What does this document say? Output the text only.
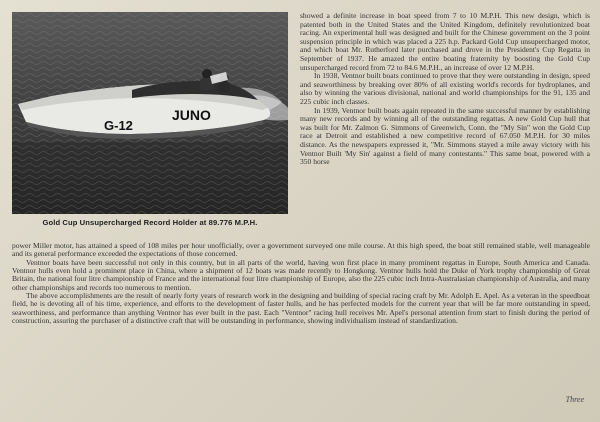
G-12
JUNO
Gold Cup Unsupercharged Record Holder at 89.776 M.P.H.

showed a definite increase in boat speed from 7 to 10 M.P.H. This new design, which is patented both in the United States and the United Kingdom, definitely revolutionized boat racing. An experimental hull was designed and built for the Chinese government on the 3 point suspension principle in which was placed a 225 h.p. Packard Gold Cup unsupercharged motor, and which boat Mr. Rutherford later purchased and drove in the President's Cup Regatta in September of 1937. He amazed the entire boating fraternity by boosting the Gold Cup unsupercharged record from 72 to 84.6 M.P.H., an increase of over 12 M.P.H.

In 1938, Ventnor built boats continued to prove that they were outstanding in design, speed and seaworthiness by breaking over 80% of all existing world's records for hydroplanes, and also by winning the various divisional, national and world championships for the 91, 135 and 225 cubic inch classes.

In 1939, Ventnor built boats again repeated in the same successful manner by establishing many new records and by winning all of the outstanding regattas. A new Gold Cup hull that was built for Mr. Zalmon G. Simmons of Greenwich, Conn. the "My Sin" won the Gold Cup race at Detroit and established a new competitive record of 67.050 M.P.H. for 30 miles distance. As the newspapers expressed it, "Mr. Simmons stayed a mile away victory with his Ventnor Built 'My Sin' against a field of many contestants." This same boat, powered with a 350 horse

power Miller motor, has attained a speed of 108 miles per hour unofficially, over a government surveyed one mile course. At this high speed, the boat still remained stable, well manageable and its general performance exceeded the expectations of those concerned.

Ventnor boats have been successful not only in this country, but in all parts of the world, having won first place in many prominent regattas in Europe, South America and Canada. Ventnor hulls even hold a prominent place in China, where a shipment of 12 boats was made recently to Hongkong. Ventnor hulls hold the Duke of York trophy championship of Great Britain, the national four litre championship of France and the international four litre championship of Europe, also the 225 cubic inch Intra-Australasian championship of Australia, and many other championships and records too numerous to mention.

The above accomplishments are the result of nearly forty years of research work in the designing and building of special racing craft by Mr. Adolph E. Apel. As a veteran in the speedboat field, he is devoting all of his time, experience, and efforts to the development of faster hulls, and he has perfected models for the current year that will be far more outstanding in speed, seaworthiness, and performance than anything Ventnor has ever built in the past. Each "Ventnor" racing hull receives Mr. Apel's personal attention from start to finish during the period of construction, assuring the purchaser of a distinctive craft that will be outstanding in performance, showing individualism instead of standardization.

Three
